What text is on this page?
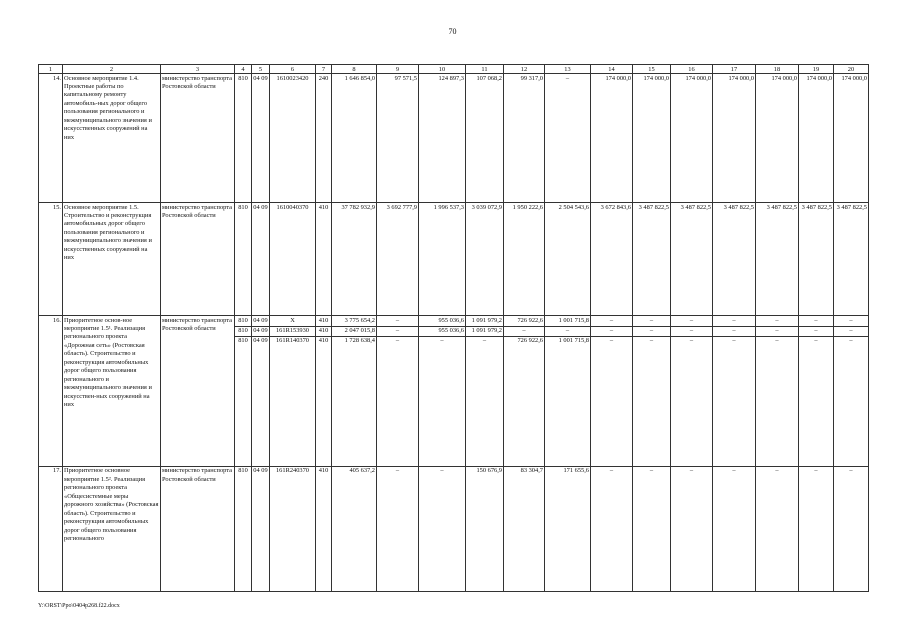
70
1	2	3	4	5	6	7	8	9	10	11	12	13	14	15	16	17	18	19	20
14.	Основное мероприятие 1.4. Проектные работы по капитальному ремонту автомобиль-ных дорог общего пользования регионального и межмуниципального значения и искусственных сооружений на них	министерство транспорта Ростовской области	810	04 09	1610023420	240	1 646 854,0	97 571,5	124 897,3	107 068,2	99 317,0	–	174 000,0	174 000,0	174 000,0	174 000,0	174 000,0	174 000,0	174 000,0
15.	Основное мероприятие 1.5. Строительство и реконструкция автомобильных дорог общего пользования регионального и межмуниципального значения и искусственных сооружений на них	министерство транспорта Ростовской области	810	04 09	1610040370	410	37 782 932,9	3 692 777,9	1 996 537,3	3 039 072,9	1 950 222,6	2 504 543,6	3 672 843,6	3 487 822,5	3 487 822,5	3 487 822,5	3 487 822,5	3 487 822,5	3 487 822,5
16.	Приоритетное основ-ное мероприятие 1.5¹. Реализация регионального проекта «Дорожная сеть» (Ростовская область). Строительство и реконструкция автомобильных дорог общего пользования регионального и межмуниципального значения и искусствен-ных сооружений на них	министерство транспорта Ростовской области	810	04 09	Х	410	3 775 654,2	–	955 036,6	1 091 979,2	726 922,6	1 001 715,8	–	–	–	–	–	–	–
			810	04 09	161R153930	410	2 047 015,8	–	955 036,6	1 091 979,2	–	–	–	–	–	–	–	–	–
			810	04 09	161R140370	410	1 728 638,4	–	–	–	726 922,6	1 001 715,8	–	–	–	–	–	–	–
17.	Приоритетное основное мероприятие 1.5². Реализация регионального проекта «Общесистемные меры дорожного хозяйства» (Ростовская область). Строительство и реконструкция автомобильных дорог общего пользования регионального	министерство транспорта Ростовской области	810	04 09	161R240370	410	405 637,2	–	–	150 676,9	83 304,7	171 655,6	–	–	–	–	–	–	–
Y:\ORST\Ppo\0404p268.f22.docx
